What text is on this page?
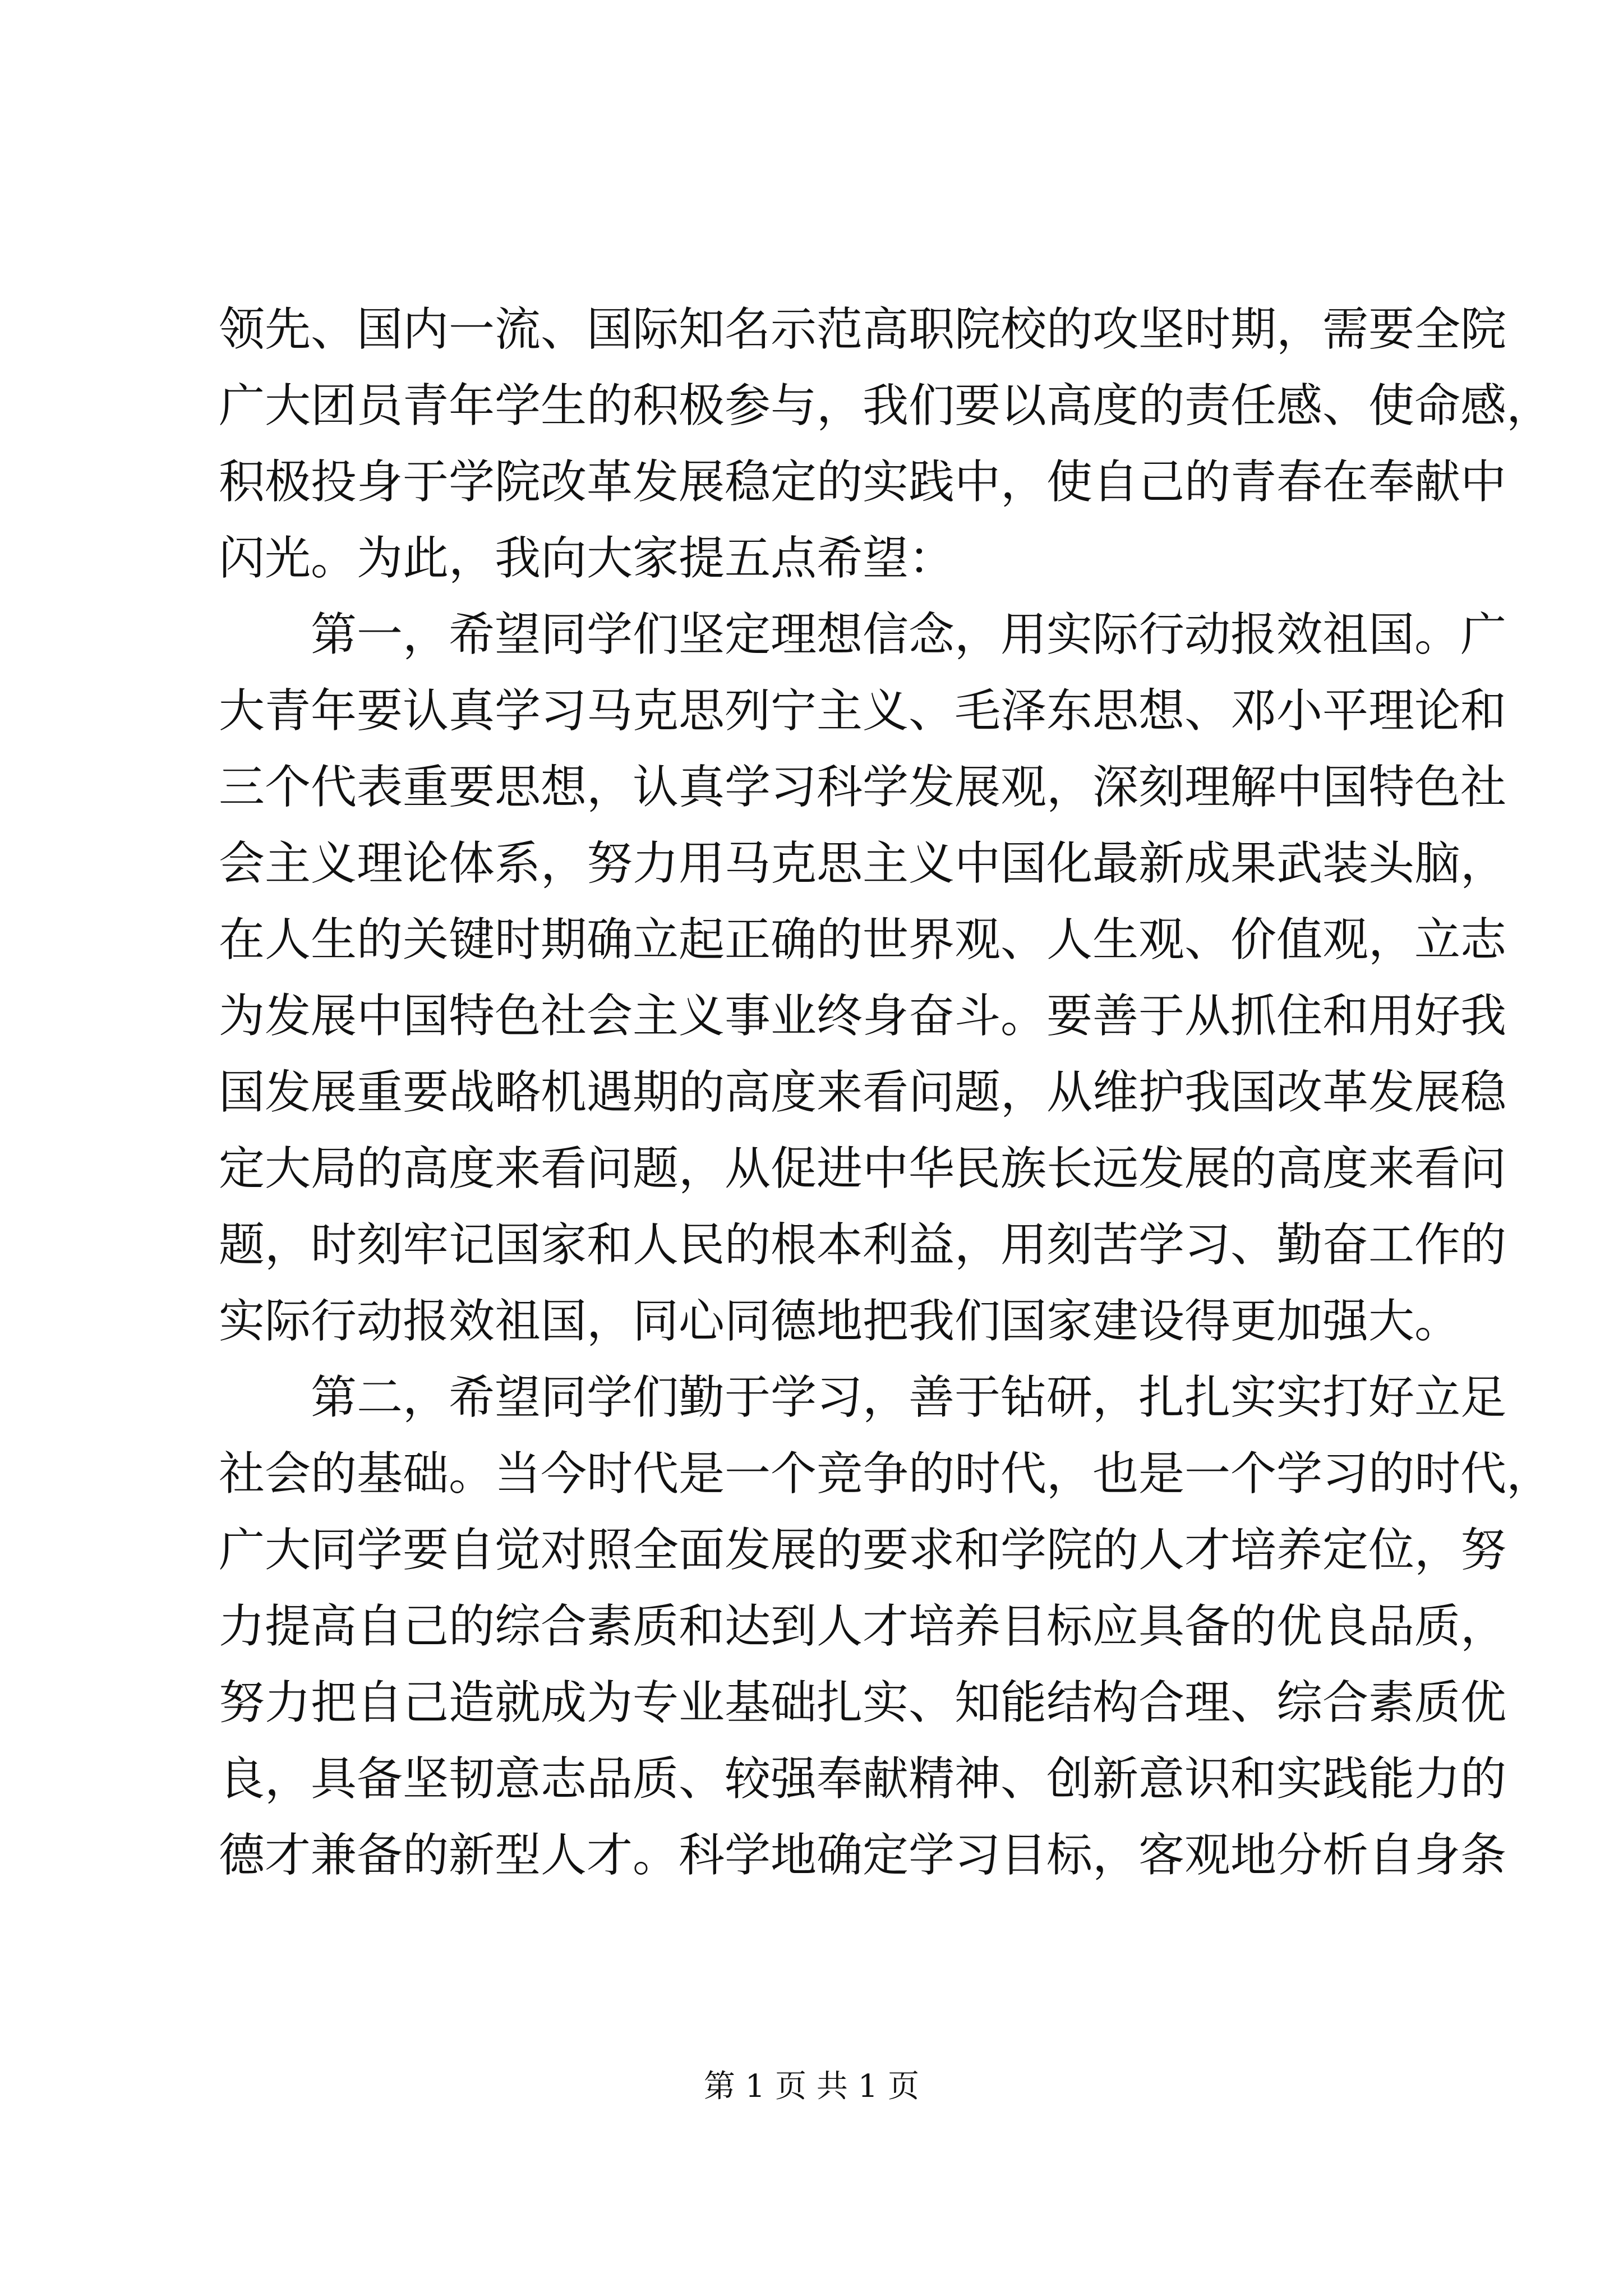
领先、国内一流、国际知名示范高职院校的攻坚时期，需要全院
广大团员青年学生的积极参与，我们要以高度的责任感、使命感，
积极投身于学院改革发展稳定的实践中，使自己的青春在奉献中
闪光。为此，我向大家提五点希望：
第一，希望同学们坚定理想信念，用实际行动报效祖国。广
大青年要认真学习马克思列宁主义、毛泽东思想、邓小平理论和
三个代表重要思想，认真学习科学发展观，深刻理解中国特色社
会主义理论体系，努力用马克思主义中国化最新成果武装头脑，
在人生的关键时期确立起正确的世界观、人生观、价值观，立志
为发展中国特色社会主义事业终身奋斗。要善于从抓住和用好我
国发展重要战略机遇期的高度来看问题，从维护我国改革发展稳
定大局的高度来看问题，从促进中华民族长远发展的高度来看问
题，时刻牢记国家和人民的根本利益，用刻苦学习、勤奋工作的
实际行动报效祖国，同心同德地把我们国家建设得更加强大。
第二，希望同学们勤于学习，善于钻研，扎扎实实打好立足
社会的基础。当今时代是一个竞争的时代，也是一个学习的时代，
广大同学要自觉对照全面发展的要求和学院的人才培养定位，努
力提高自己的综合素质和达到人才培养目标应具备的优良品质，
努力把自己造就成为专业基础扎实、知能结构合理、综合素质优
良，具备坚韧意志品质、较强奉献精神、创新意识和实践能力的
德才兼备的新型人才。科学地确定学习目标，客观地分析自身条
第 1 页 共 1 页
